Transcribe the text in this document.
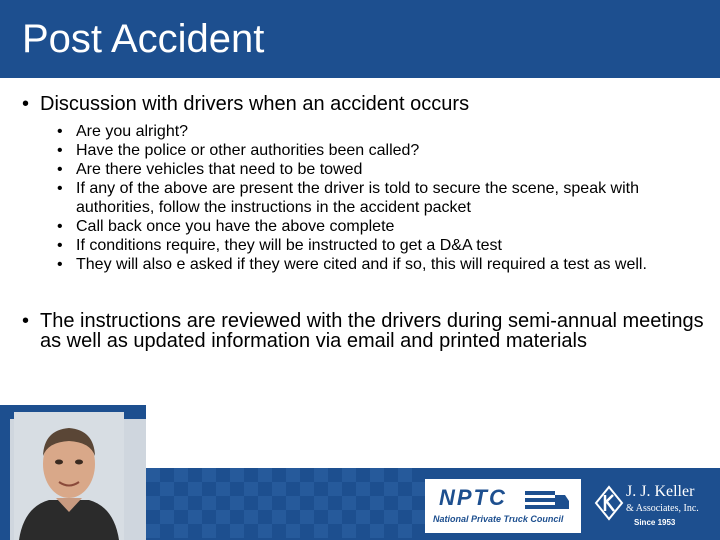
Post Accident
• Discussion with drivers when an accident occurs
• Are you alright?
• Have the police or other authorities been called?
• Are there vehicles that need to be towed
• If any of the above are present the driver is told to secure the scene, speak with authorities, follow the instructions in the accident packet
• Call back once you have the above complete
• If conditions require, they will be instructed to get a D&A test
• They will also e asked if they were cited and if so, this will required a test as well.
• The instructions are reviewed with the drivers during semi-annual meetings as well as updated information via email and printed materials
NPTC
National Private Truck Council
J. J. Keller
& Associates, Inc.
Since 1953
